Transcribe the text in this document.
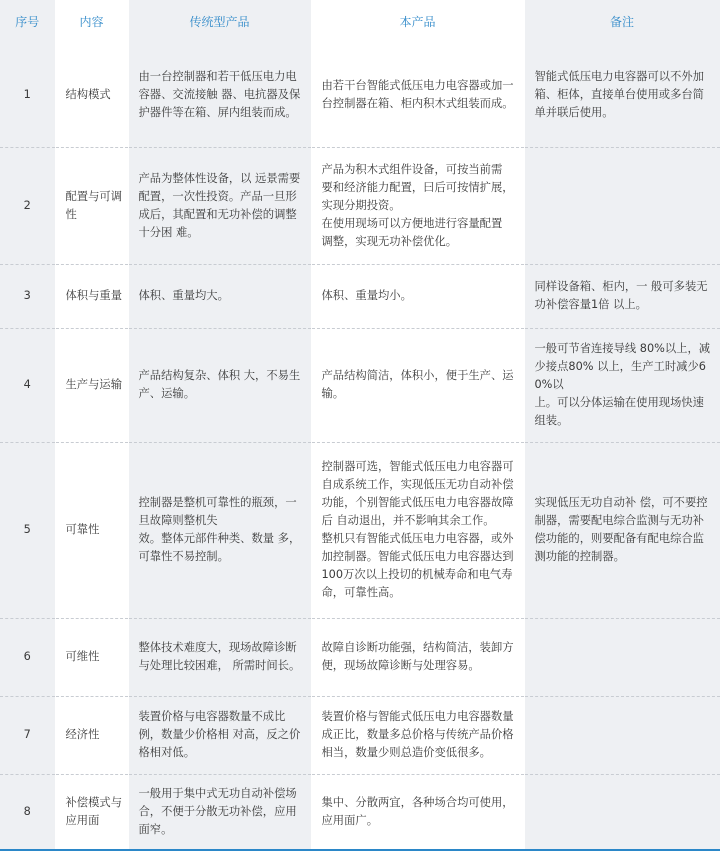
序号	内容	传统型产品	本产品	备注
1	结构模式	由一台控制器和若干低压电力电容器、交流接触 器、电抗器及保护器件等在箱、屏内组装而成。	由若干台智能式低压电力电容器或加一台控制器在箱、柜内积木式组装而成。	智能式低压电力电容器可以不外加箱、柜体，直接单台使用或多台简单并联后使用。
2	配置与可调性	产品为整体性设备，以 远景需要配置，一次性投资。产品一旦形成后，其配置和无功补偿的调整十分困 难。	产品为积木式组件设备，可按当前需 要和经济能力配置，曰后可按情扩展，实现分期投资。
在使用现场可以方便地进行容量配置 调整，实现无功补偿优化。	
3	体积与重量	体积、重量均大。	体积、重量均小。	同样设备箱、柜内，一 般可多装无功补偿容量1倍 以上。
4	生产与运输	产品结构复杂、体积 大，不易生产、运输。	产品结构简洁，体积小，便于生产、运输。	一般可节省连接导线 80%以上，减少接点80% 以上，生产工时减少60%以
上。可以分体运输在使用现场快速组装。
5	可靠性	控制器是整机可靠性的瓶颈，一旦故障则整机失
效。整体元部件种类、数量 多，可靠性不易控制。	控制器可选，智能式低压电力电容器可自成系统工作，实现低压无功自动补偿功能，个别智能式低压电力电容器故障后 自动退出，并不影响其余工作。
整机只有智能式低压电力电容器，或外加控制器。智能式低压电力电容器达到100万次以上投切的机械寿命和电气寿命，可靠性高。	实现低压无功自动补 偿，可不要控制器，需要配电综合监测与无功补偿功能的，则要配备有配电综合监测功能的控制器。
6	可维性	整体技术难度大，现场故障诊断与处理比较困难， 所需时间长。	故障自诊断功能强，结构简洁，装卸方便，现场故障诊断与处理容易。	
7	经济性	装置价格与电容器数量不成比例，数量少价格相 对高，反之价格相对低。	装置价格与智能式低压电力电容器数量成正比，数量多总价格与传统产品价格相当，数量少则总造价变低很多。	
8	补偿模式与应用面	一般用于集中式无功自动补偿场合，不便于分散无功补偿，应用面窄。	集中、分散两宜，各种场合均可使用，应用面广。	
